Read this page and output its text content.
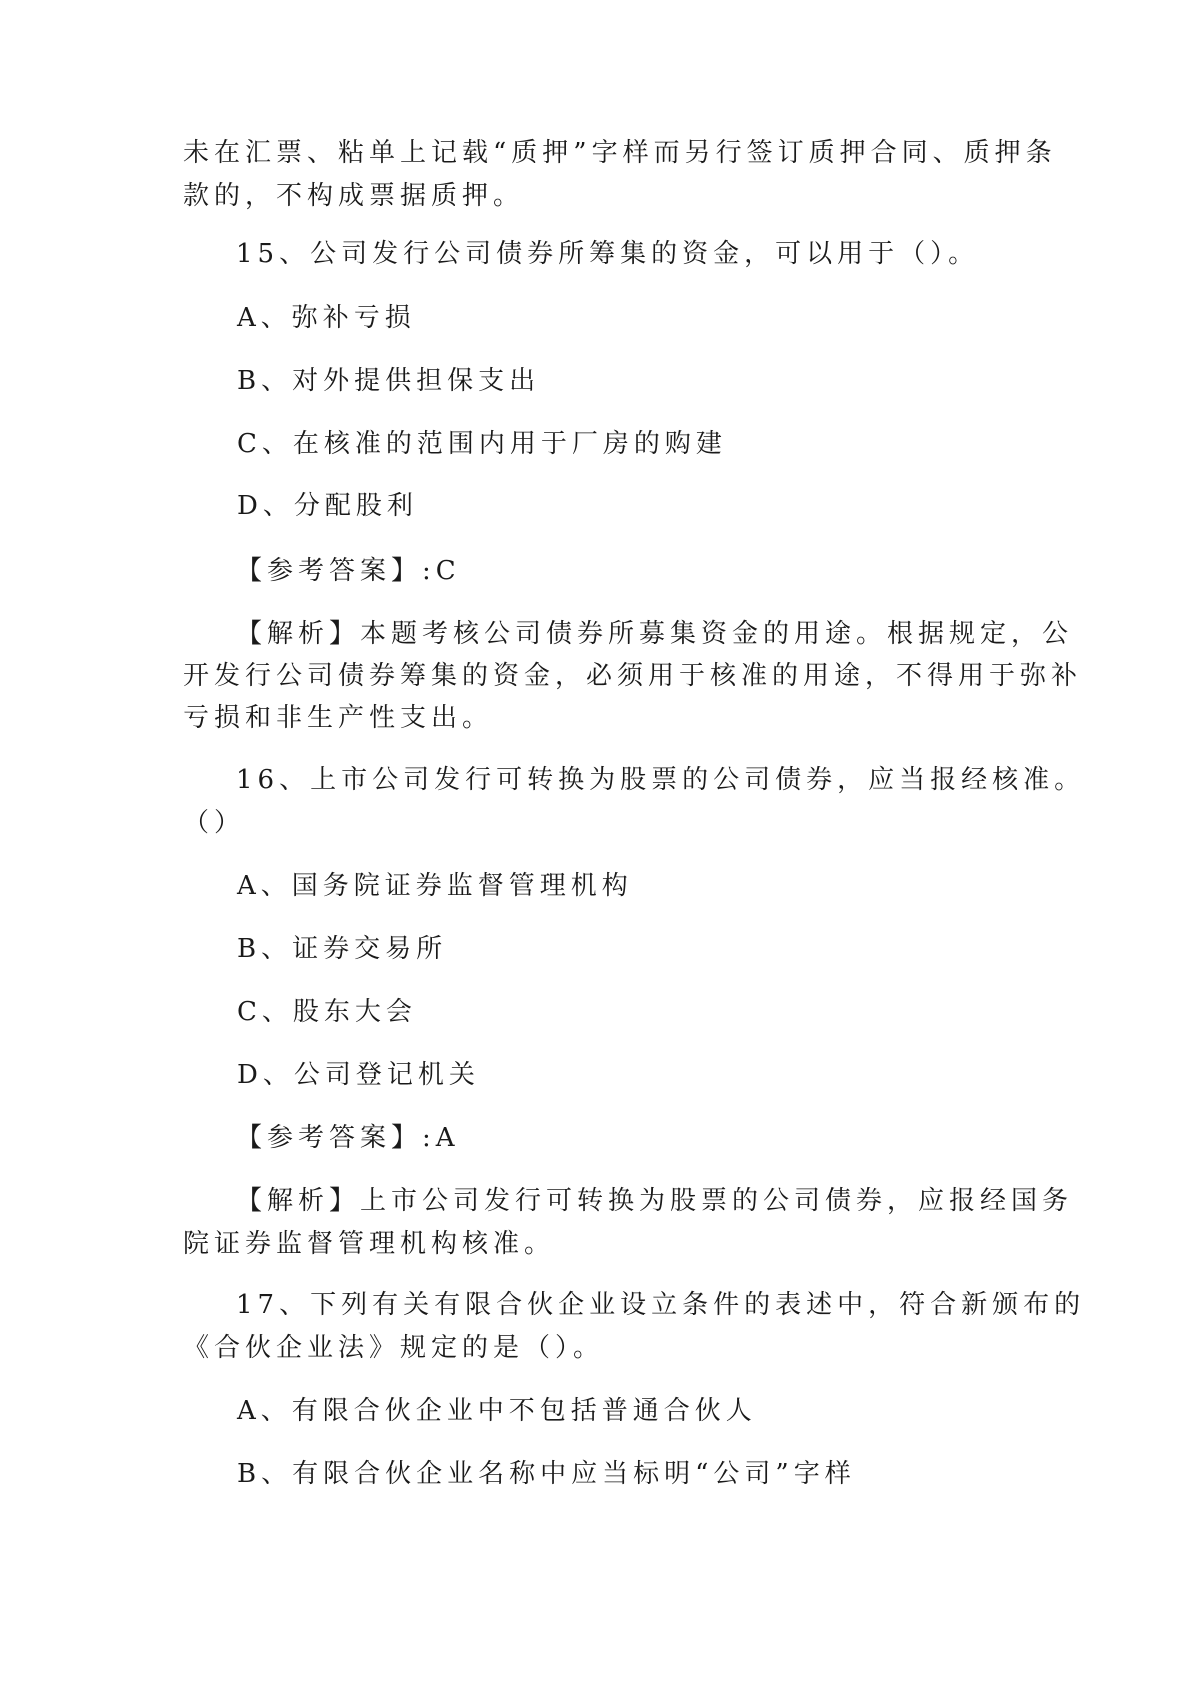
未在汇票、粘单上记载“质押”字样而另行签订质押合同、质押条
款的，不构成票据质押。
15、公司发行公司债券所筹集的资金，可以用于（）。
A、弥补亏损
B、对外提供担保支出
C、在核准的范围内用于厂房的购建
D、分配股利
【参考答案】:C
【解析】本题考核公司债券所募集资金的用途。根据规定，公
开发行公司债券筹集的资金，必须用于核准的用途，不得用于弥补
亏损和非生产性支出。
16、上市公司发行可转换为股票的公司债券，应当报经核准。
（）
A、国务院证券监督管理机构
B、证券交易所
C、股东大会
D、公司登记机关
【参考答案】:A
【解析】上市公司发行可转换为股票的公司债券，应报经国务
院证券监督管理机构核准。
17、下列有关有限合伙企业设立条件的表述中，符合新颁布的
《合伙企业法》规定的是（）。
A、有限合伙企业中不包括普通合伙人
B、有限合伙企业名称中应当标明“公司”字样
